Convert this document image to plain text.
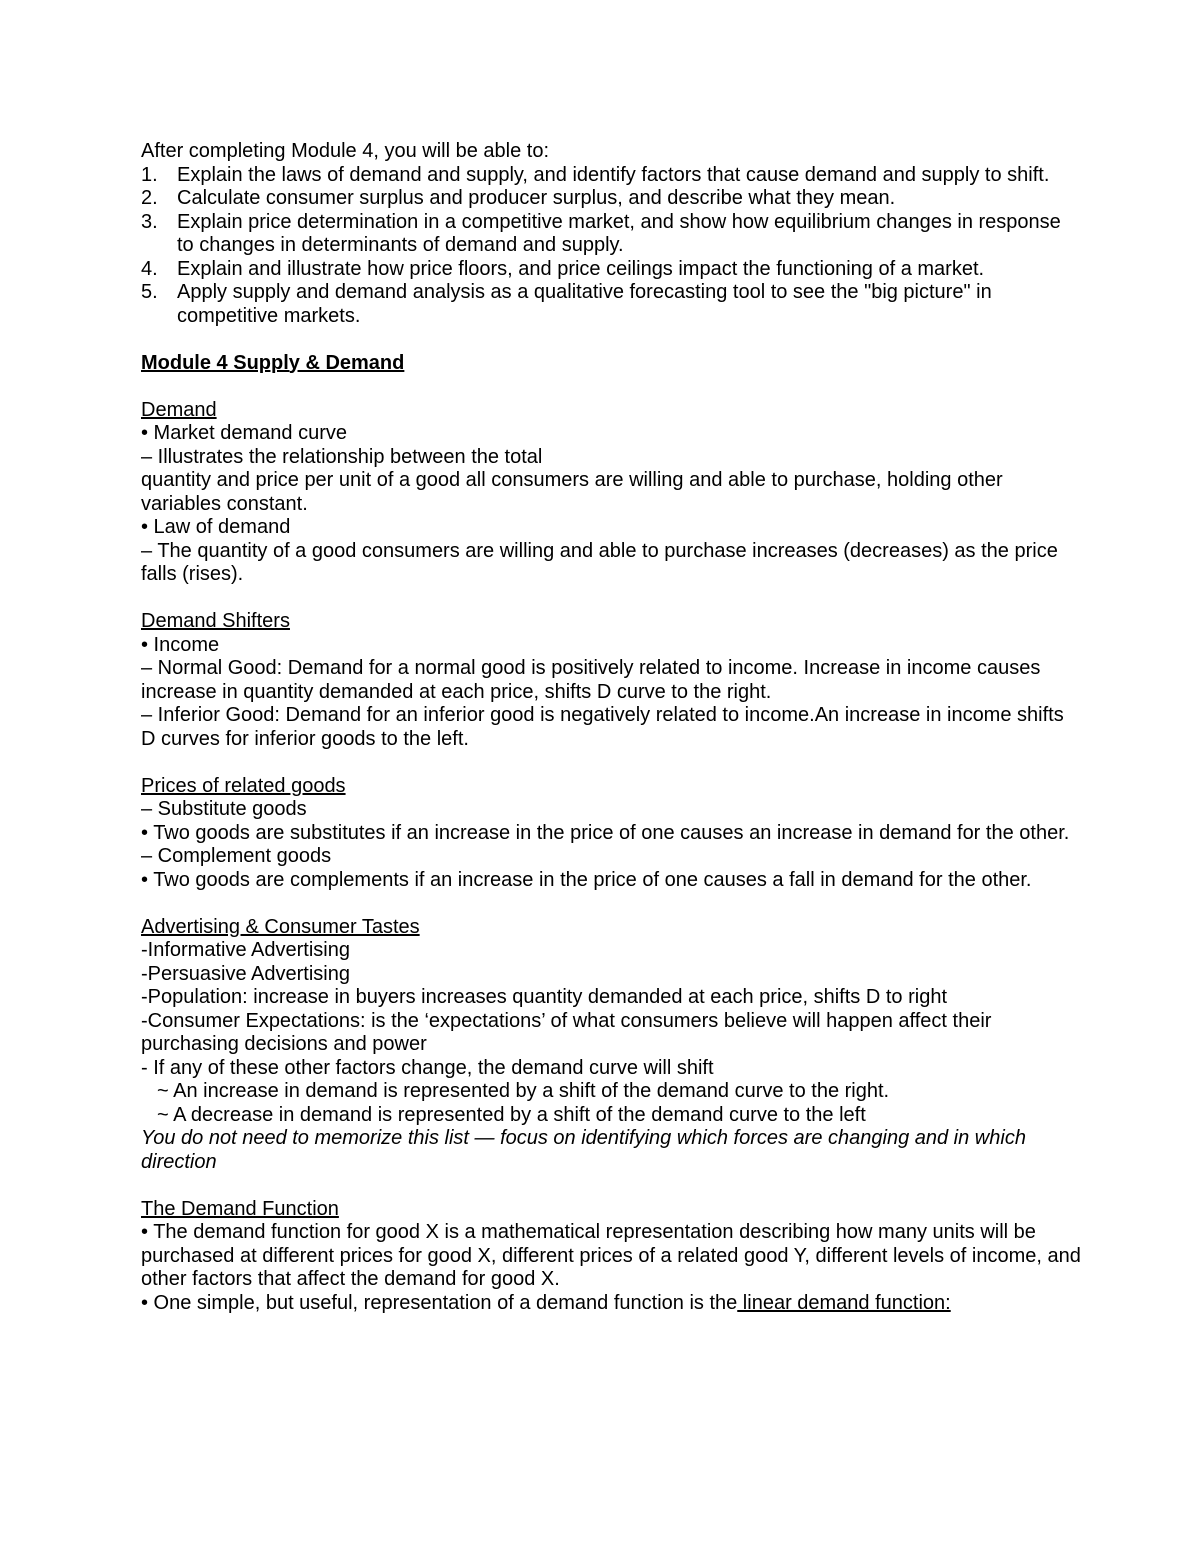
After completing Module 4, you will be able to:

1. Explain the laws of demand and supply, and identify factors that cause demand and supply to shift.
2. Calculate consumer surplus and producer surplus, and describe what they mean.
3. Explain price determination in a competitive market, and show how equilibrium changes in response to changes in determinants of demand and supply.
4. Explain and illustrate how price floors, and price ceilings impact the functioning of a market.
5. Apply supply and demand analysis as a qualitative forecasting tool to see the "big picture" in competitive markets.

Module 4 Supply & Demand

Demand

• Market demand curve

– Illustrates the relationship between the total

quantity and price per unit of a good all consumers are willing and able to purchase, holding other variables constant.

• Law of demand

– The quantity of a good consumers are willing and able to purchase increases (decreases) as the price falls (rises).

Demand Shifters

• Income

– Normal Good: Demand for a normal good is positively related to income. Increase in income causes increase in quantity demanded at each price, shifts D curve to the right.

– Inferior Good: Demand for an inferior good is negatively related to income.An increase in income shifts D curves for inferior goods to the left.

Prices of related goods

– Substitute goods

• Two goods are substitutes if an increase in the price of one causes an increase in demand for the other.

– Complement goods

• Two goods are complements if an increase in the price of one causes a fall in demand for the other.

Advertising & Consumer Tastes

-Informative Advertising

-Persuasive Advertising

-Population: increase in buyers increases quantity demanded at each price, shifts D to right

-Consumer Expectations: is the ‘expectations’ of what consumers believe will happen affect their purchasing decisions and power

- If any of these other factors change, the demand curve will shift

~ An increase in demand is represented by a shift of the demand curve to the right.

~ A decrease in demand is represented by a shift of the demand curve to the left

You do not need to memorize this list — focus on identifying which forces are changing and in which direction

The Demand Function

• The demand function for good X is a mathematical representation describing how many units will be purchased at different prices for good X, different prices of a related good Y, different levels of income, and other factors that affect the demand for good X.

• One simple, but useful, representation of a demand function is the linear demand function:
